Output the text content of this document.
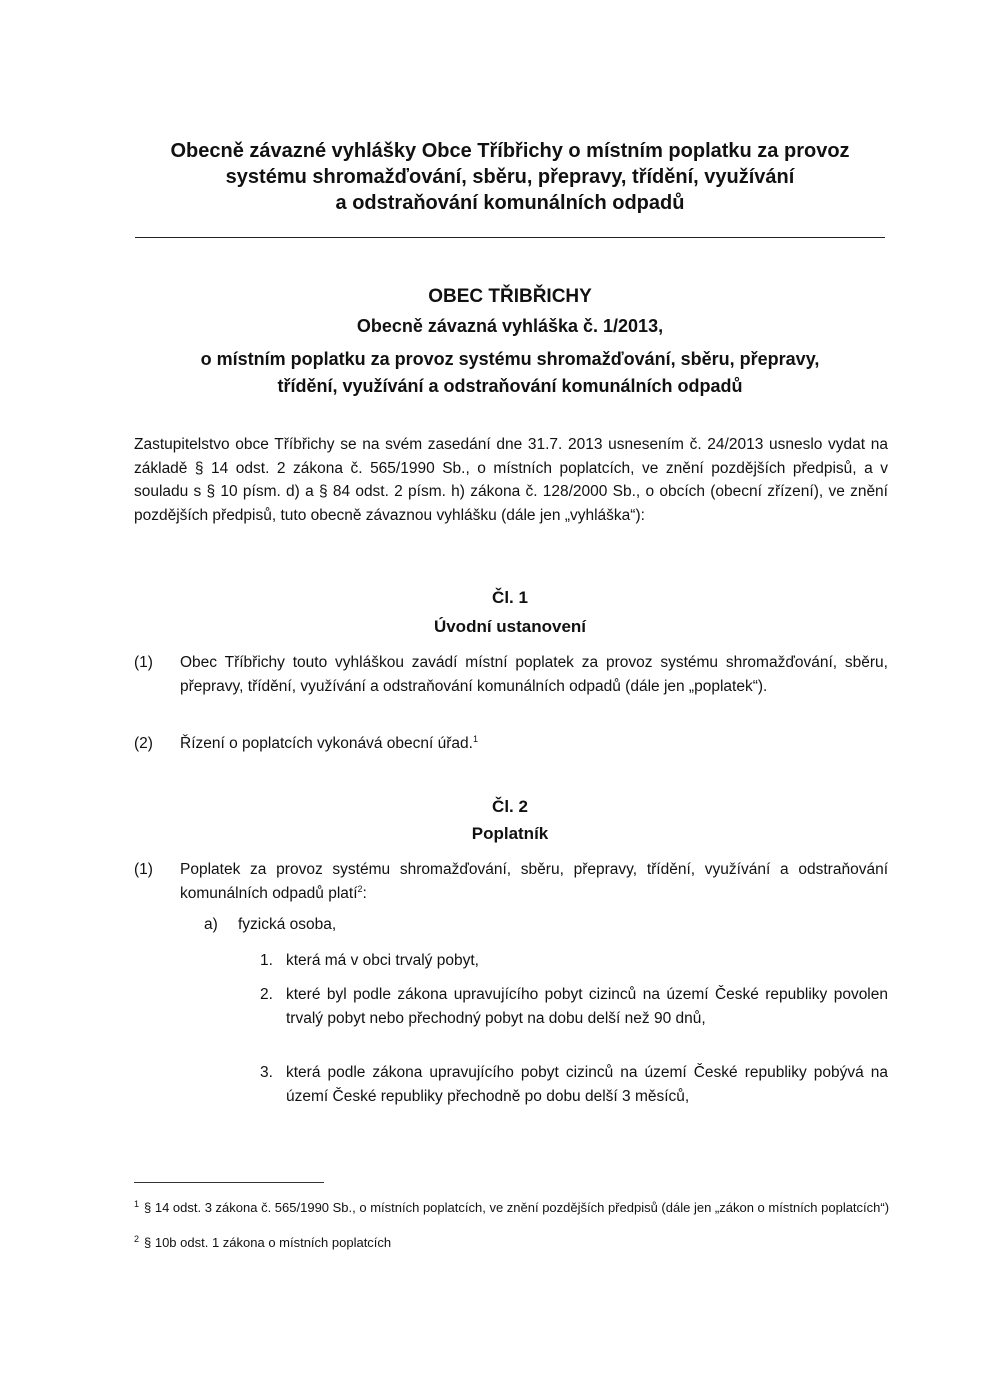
Obecně závazné vyhlášky Obce Tříbřichy o místním poplatku za provoz
systému shromažďování, sběru, přepravy, třídění, využívání
a odstraňování komunálních odpadů
OBEC TŘIBŘICHY
Obecně závazná vyhláška č. 1/2013,
o místním poplatku za provoz systému shromažďování, sběru, přepravy,
třídění, využívání a odstraňování komunálních odpadů
Zastupitelstvo obce Tříbřichy se na svém zasedání dne 31.7. 2013 usnesením č. 24/2013 usneslo vydat na základě § 14 odst. 2 zákona č. 565/1990 Sb., o místních poplatcích, ve znění pozdějších předpisů, a v souladu s § 10 písm. d) a § 84 odst. 2 písm. h) zákona č. 128/2000 Sb., o obcích (obecní zřízení), ve znění pozdějších předpisů, tuto obecně závaznou vyhlášku (dále jen „vyhláška“):
Čl. 1
Úvodní ustanovení
(1)	Obec Tříbřichy touto vyhláškou zavádí místní poplatek za provoz systému shromažďování, sběru, přepravy, třídění, využívání a odstraňování komunálních odpadů (dále jen „poplatek“).
(2)	Řízení o poplatcích vykonává obecní úřad.$^1$
Čl. 2
Poplatník
(1)	Poplatek za provoz systému shromažďování, sběru, přepravy, třídění, využívání a odstraňování komunálních odpadů platí$^2$:
a) fyzická osoba,
1. která má v obci trvalý pobyt,
2. které byl podle zákona upravujícího pobyt cizinců na území České republiky povolen trvalý pobyt nebo přechodný pobyt na dobu delší než 90 dnů,
3. která podle zákona upravujícího pobyt cizinců na území České republiky pobývá na území České republiky přechodně po dobu delší 3 měsíců,
1 § 14 odst. 3 zákona č. 565/1990 Sb., o místních poplatcích, ve znění pozdějších předpisů (dále jen „zákon o místních poplatcích“)
2 § 10b odst. 1 zákona o místních poplatcích
